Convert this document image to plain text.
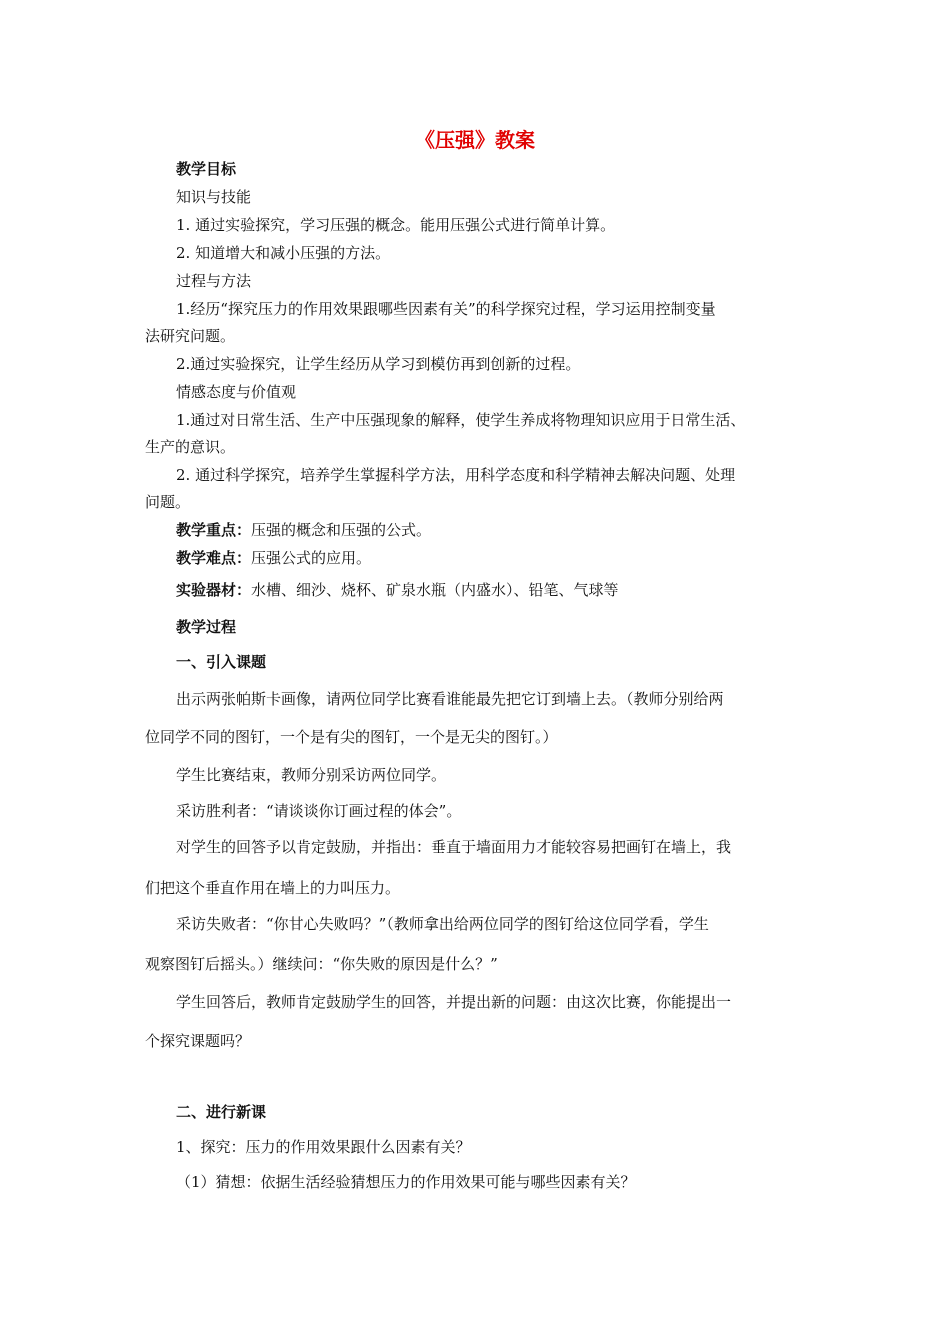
《压强》教案
教学目标
知识与技能
1. 通过实验探究，学习压强的概念。能用压强公式进行简单计算。
2. 知道增大和减小压强的方法。
过程与方法
1.经历“探究压力的作用效果跟哪些因素有关”的科学探究过程，学习运用控制变量
法研究问题。
2.通过实验探究，让学生经历从学习到模仿再到创新的过程。
情感态度与价值观
1.通过对日常生活、生产中压强现象的解释，使学生养成将物理知识应用于日常生活、
生产的意识。
2. 通过科学探究，培养学生掌握科学方法，用科学态度和科学精神去解决问题、处理
问题。
教学重点：压强的概念和压强的公式。
教学难点：压强公式的应用。
实验器材：水槽、细沙、烧杯、矿泉水瓶（内盛水）、铅笔、气球等
教学过程
一、引入课题
出示两张帕斯卡画像，请两位同学比赛看谁能最先把它订到墙上去。（教师分别给两
位同学不同的图钉，一个是有尖的图钉，一个是无尖的图钉。）
学生比赛结束，教师分别采访两位同学。
采访胜利者：“请谈谈你订画过程的体会”。
对学生的回答予以肯定鼓励，并指出：垂直于墙面用力才能较容易把画钉在墙上，我
们把这个垂直作用在墙上的力叫压力。
采访失败者：“你甘心失败吗？”（教师拿出给两位同学的图钉给这位同学看，学生
观察图钉后摇头。）继续问：“你失败的原因是什么？”
学生回答后，教师肯定鼓励学生的回答，并提出新的问题：由这次比赛，你能提出一
个探究课题吗？
二、进行新课
1、探究：压力的作用效果跟什么因素有关？
（1）猜想：依据生活经验猜想压力的作用效果可能与哪些因素有关？
